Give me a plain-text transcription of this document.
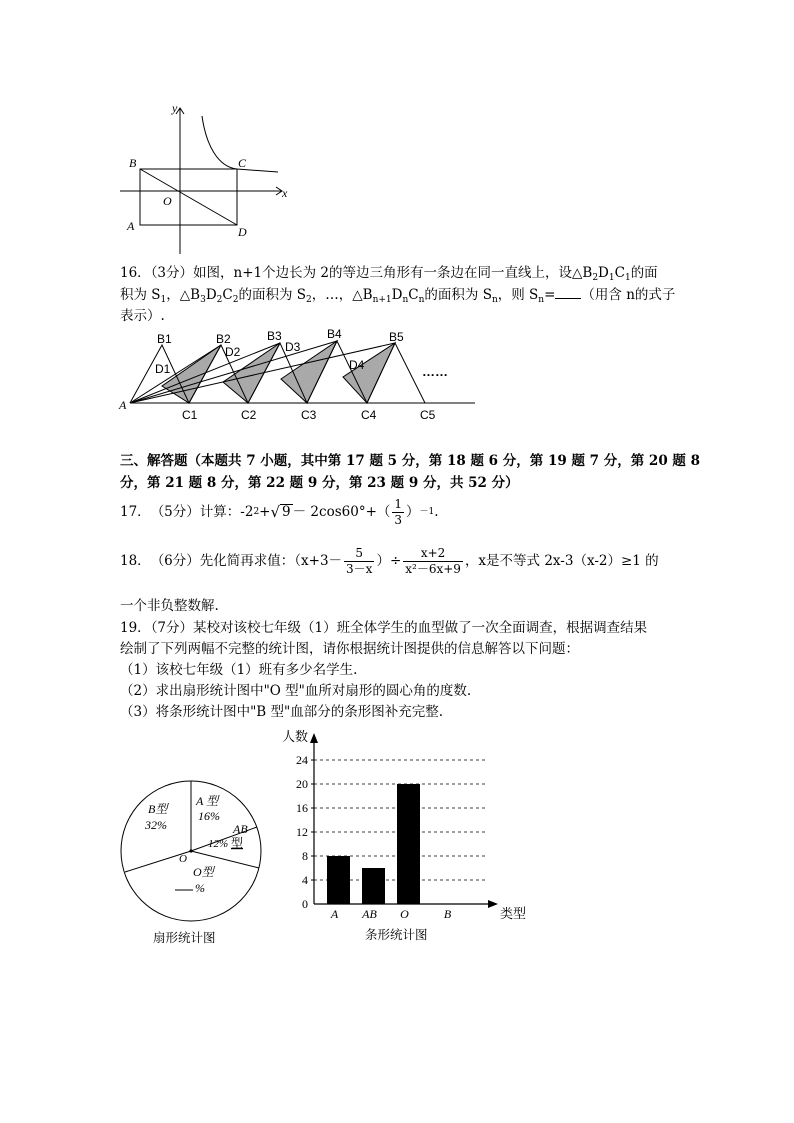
y
x
B	C
O
A	D
16．（3分）如图，n+1个边长为 2的等边三角形有一条边在同一直线上，设$\triangle B_2D_1C_1$的面
积为 $S_1$，$\triangle B_3D_2C_2$的面积为 $S_2$，…，$\triangle B_{n+1}D_nC_n$的面积为 $S_n$，则 $S_n=$ （用含 n的式子
表示）.
B1	B2	B3	B4	B5
D1
D2	D3
D4
C1	C2	C3	C4	C5
A
……
三、解答题（本题共 7 小题，其中第 17 题 5 分，第 18 题 6 分，第 19 题 7 分，第 20 题 8
分，第 21 题 8 分，第 22 题 9 分，第 23 题 9 分，共 52 分）
17． （5分） 计算：-2 2 + √ $9 - 2\cos 60^\circ+( \frac{1}{3}$ ） －1 .
18． （6分） 先化简再求值：（$x+3- \frac{5}{3-x}$ ）÷ $\frac{x+2}{\text{x²－6x+9}}$ ，x是不等式 2x-3（x-2）≥1 的
一个非负整数解.
19．（7分）某校对该校七年级（1）班全体学生的血型做了一次全面调查，根据调查结果
绘制了下列两幅不完整的统计图，请你根据统计图提供的信息解答以下问题：
（1）该校七年级（1）班有多少名学生.
（2）求出扇形统计图中"O 型"血所对扇形的圆心角的度数.
（3）将条形统计图中"B 型"血部分的条形图补充完整.
A 型
16%
AB
型
12%
B型
32%
O
O型
%
扇形统计图
0
4
8
12
16
20
24
A AB O	B
人数
类型
条形统计图
